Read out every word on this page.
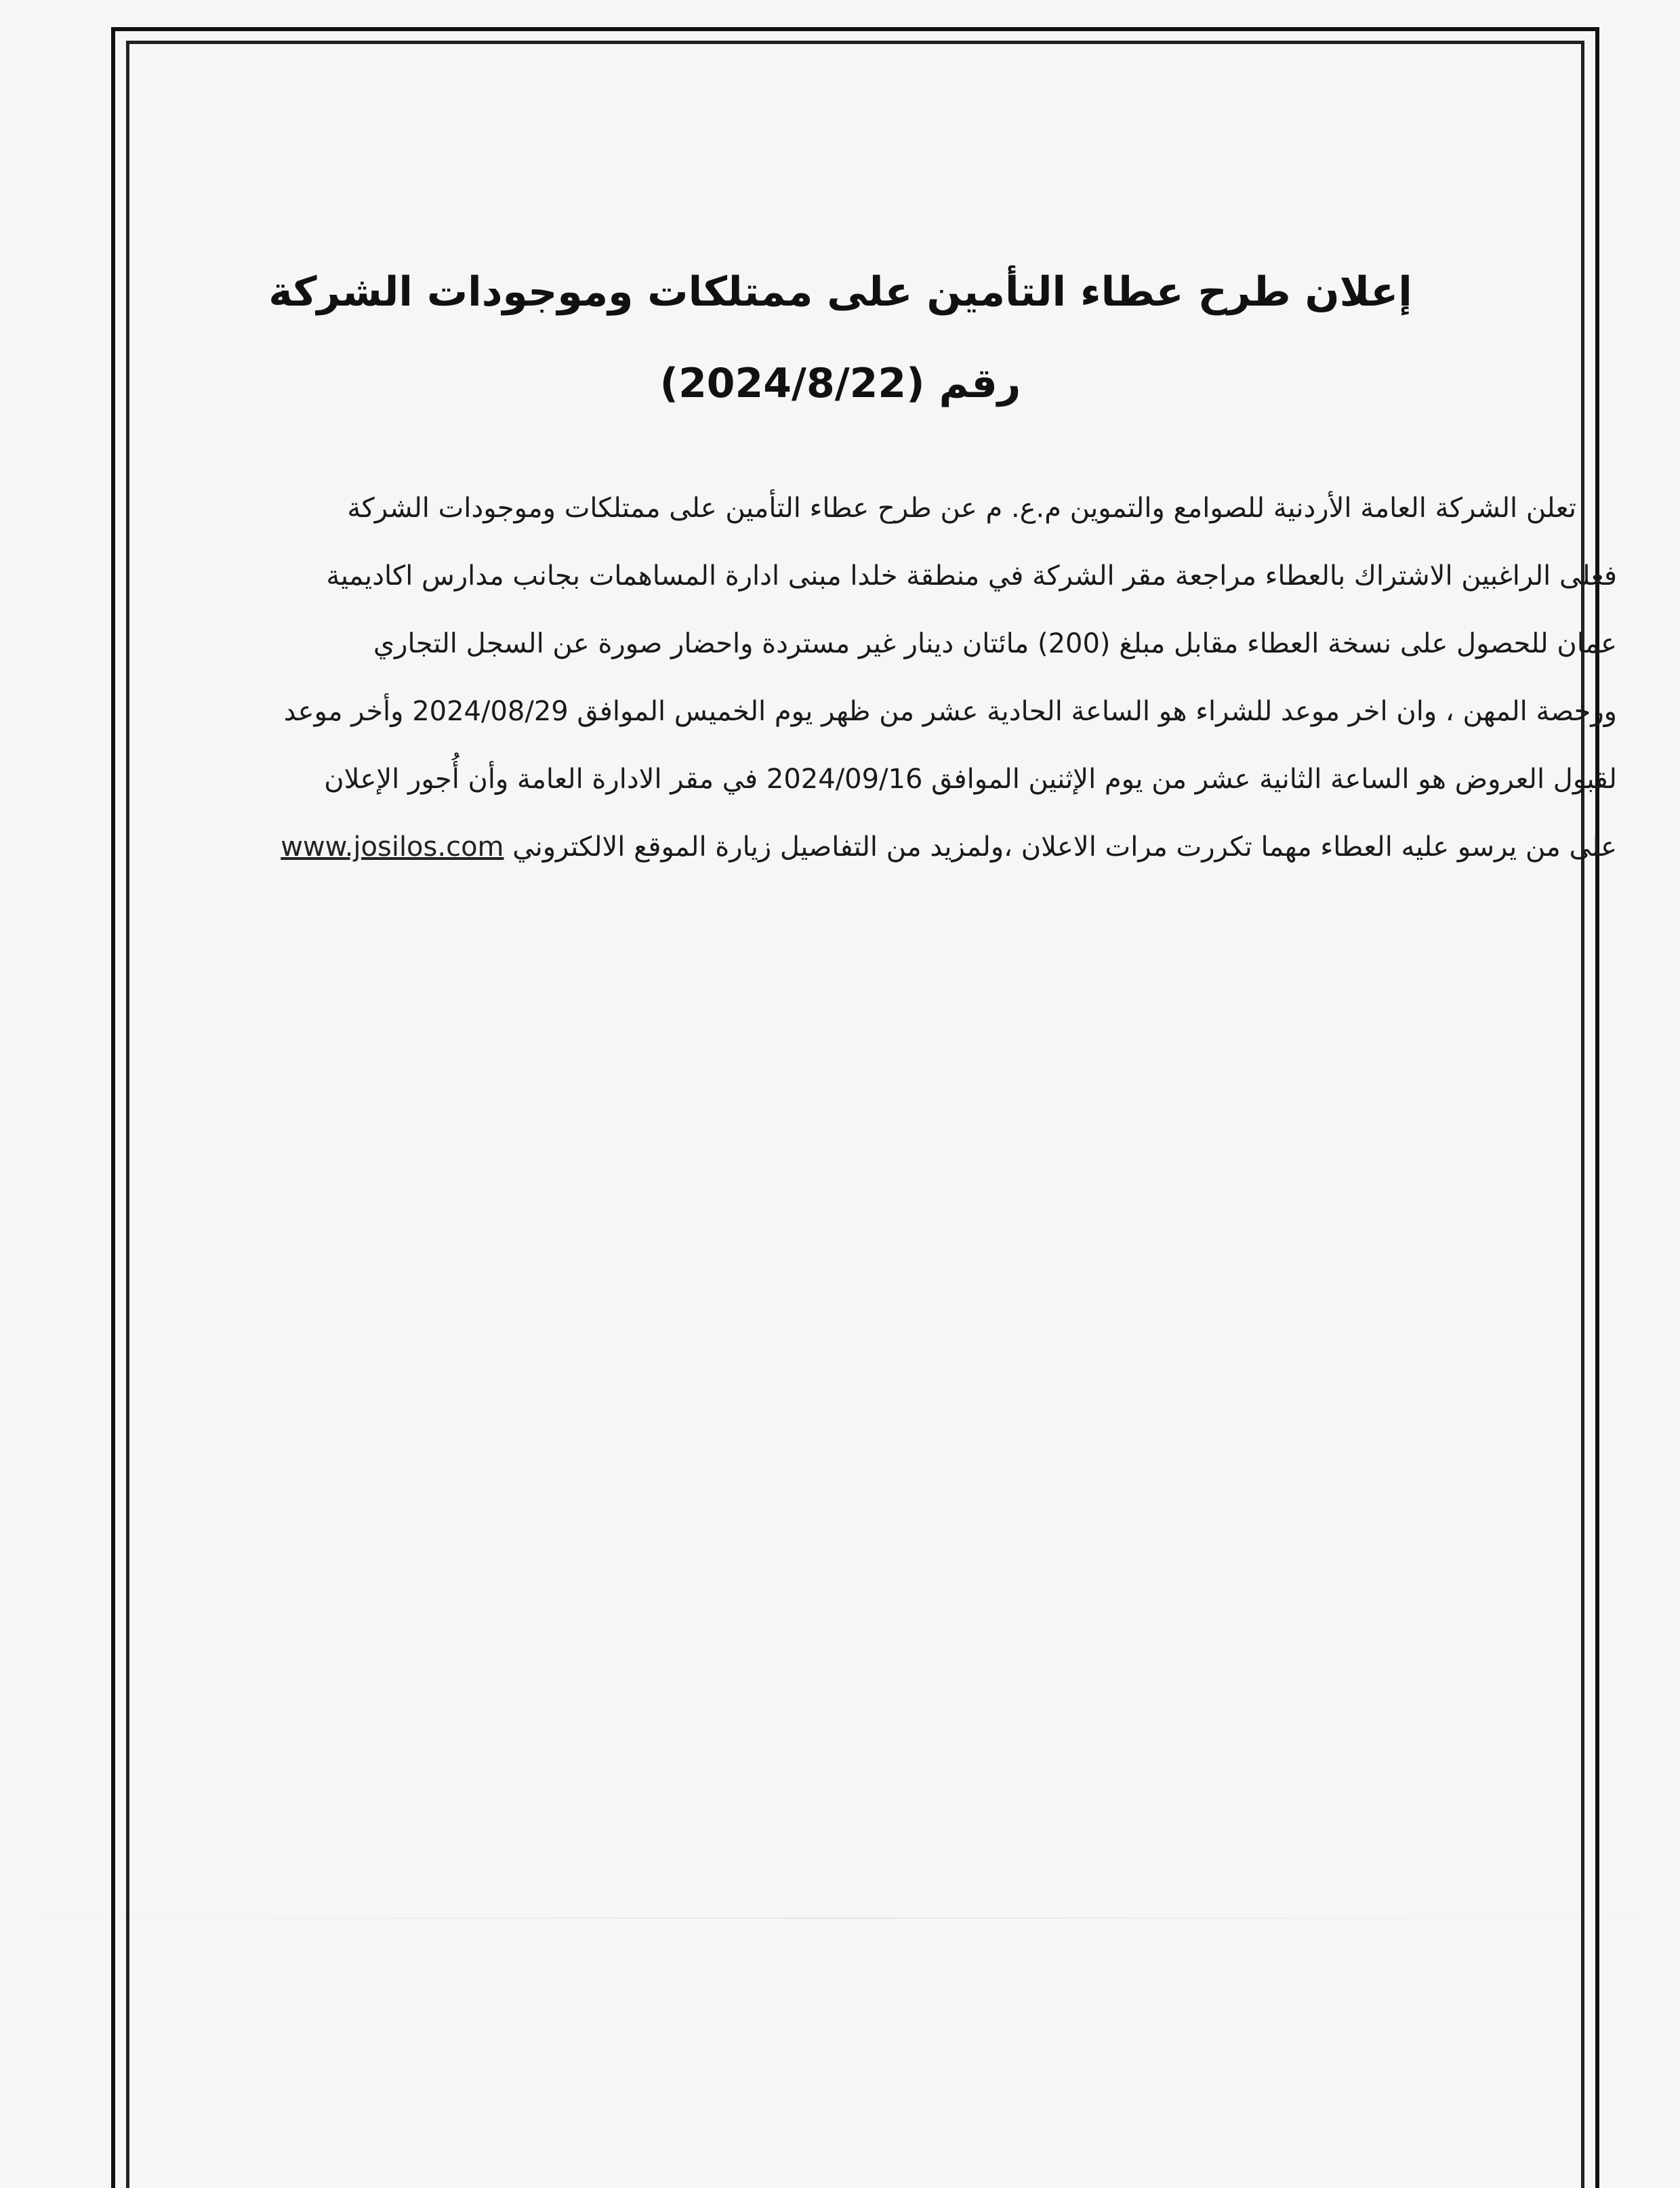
إعلان طرح عطاء التأمين على ممتلكات وموجودات الشركة
رقم (2024/8/22)
تعلن الشركة العامة الأردنية للصوامع والتموين م.ع. م عن طرح عطاء التأمين على ممتلكات وموجودات الشركة
فعلى الراغبين الاشتراك بالعطاء مراجعة مقر الشركة في منطقة خلدا مبنى ادارة المساهمات بجانب مدارس اكاديمية
عمان للحصول على نسخة العطاء مقابل مبلغ (200) مائتان دينار غير مستردة واحضار صورة عن السجل التجاري
ورخصة المهن ، وان اخر موعد للشراء هو الساعة الحادية عشر من ظهر يوم الخميس الموافق 2024/08/29 وأخر موعد
لقبول العروض هو الساعة الثانية عشر من يوم الإثنين الموافق 2024/09/16 في مقر الادارة العامة وأن أُجور الإعلان
على من يرسو عليه العطاء مهما تكررت مرات الاعلان ،ولمزيد من التفاصيل زيارة الموقع الالكتروني www.josilos.com
